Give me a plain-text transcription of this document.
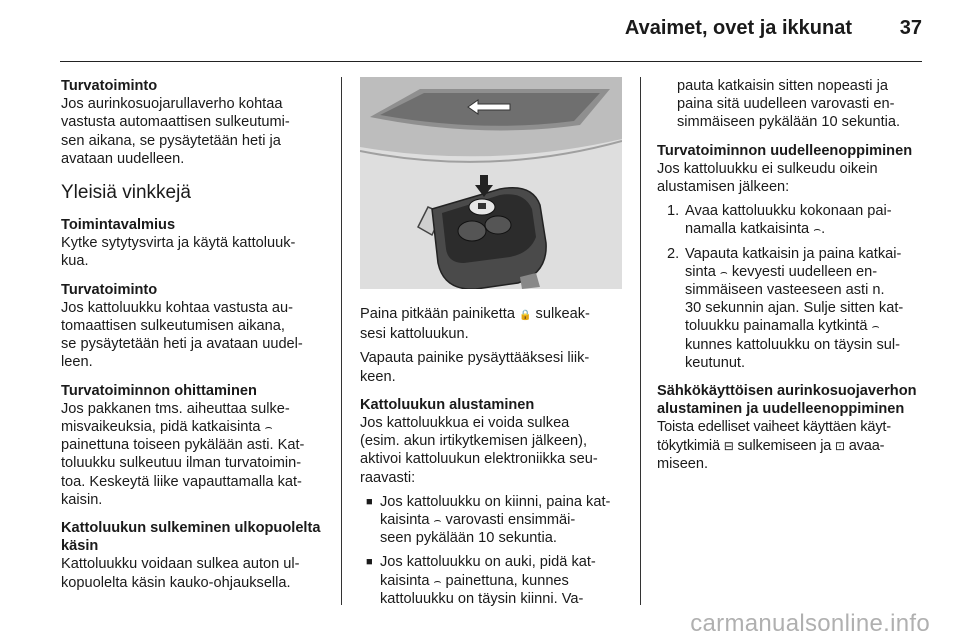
Avaimet, ovet ja ikkunat 37

Turvatoiminto

Jos aurinkosuojarullaverho kohtaa

vastusta automaattisen sulkeutumi-

sen aikana, se pysäytetään heti ja

avataan uudelleen.

Yleisiä vinkkejä

Toimintavalmius

Kytke sytytysvirta ja käytä kattoluuk-

kua.

Turvatoiminto

Jos kattoluukku kohtaa vastusta au-

tomaattisen sulkeutumisen aikana,

se pysäytetään heti ja avataan uudel-

leen.

Turvatoiminnon ohittaminen

Jos pakkanen tms. aiheuttaa sulke-

misvaikeuksia, pidä katkaisinta ⌢

painettuna toiseen pykälään asti. Kat-

toluukku sulkeutuu ilman turvatoimin-

toa. Keskeytä liike vapauttamalla kat-

kaisin.

Kattoluukun sulkeminen ulkopuolelta

käsin

Kattoluukku voidaan sulkea auton ul-

kopuolelta käsin kauko-ohjauksella.

Paina pitkään painiketta 🔒 sulkeak-

sesi kattoluukun.

Vapauta painike pysäyttääksesi liik-

keen.

Kattoluukun alustaminen

Jos kattoluukkua ei voida sulkea

(esim. akun irtikytkemisen jälkeen),

aktivoi kattoluukun elektroniikka seu-

raavasti:

■ Jos kattoluukku on kiinni, paina kat-

kaisinta ⌢ varovasti ensimmäi-

seen pykälään 10 sekuntia.

■ Jos kattoluukku on auki, pidä kat-

kaisinta ⌢ painettuna, kunnes

kattoluukku on täysin kiinni. Va-

pauta katkaisin sitten nopeasti ja

paina sitä uudelleen varovasti en-

simmäiseen pykälään 10 sekuntia.

Turvatoiminnon uudelleenoppiminen

Jos kattoluukku ei sulkeudu oikein

alustamisen jälkeen:

1. Avaa kattoluukku kokonaan pai-

namalla katkaisinta ⌢.

2. Vapauta katkaisin ja paina katkai-

sinta ⌢ kevyesti uudelleen en-

simmäiseen vasteeseen asti n.

30 sekunnin ajan. Sulje sitten kat-

toluukku painamalla kytkintä ⌢

kunnes kattoluukku on täysin sul-

keutunut.

Sähkökäyttöisen aurinkosuojaverhon

alustaminen ja uudelleenoppiminen

Toista edelliset vaiheet käyttäen käyt-

tökytkimiä ⊟ sulkemiseen ja ⊡ avaa-

miseen.

carmanualsonline.info
